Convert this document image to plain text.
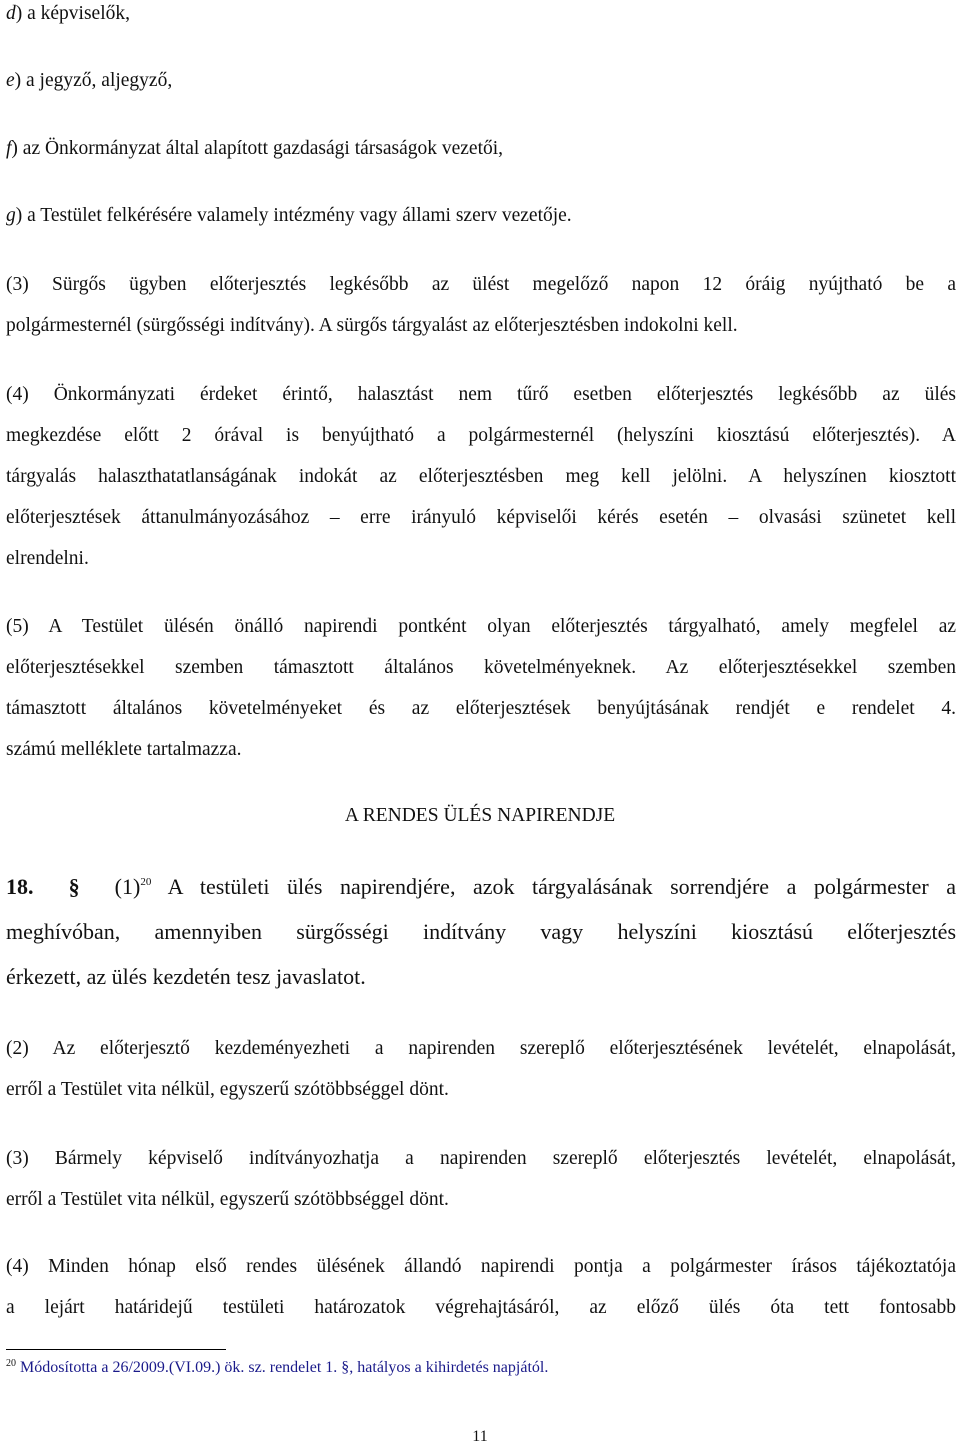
d) a képviselők,
e) a jegyző, aljegyző,
f) az Önkormányzat által alapított gazdasági társaságok vezetői,
g) a Testület felkérésére valamely intézmény vagy állami szerv vezetője.
(3) Sürgős ügyben előterjesztés legkésőbb az ülést megelőző napon 12 óráig nyújtható be a
polgármesternél (sürgősségi indítvány). A sürgős tárgyalást az előterjesztésben indokolni kell.
(4) Önkormányzati érdeket érintő, halasztást nem tűrő esetben előterjesztés legkésőbb az ülés
megkezdése előtt 2 órával is benyújtható a polgármesternél (helyszíni kiosztású előterjesztés). A
tárgyalás halaszthatatlanságának indokát az előterjesztésben meg kell jelölni. A helyszínen kiosztott
előterjesztések áttanulmányozásához – erre irányuló képviselői kérés esetén – olvasási szünetet kell
elrendelni.
(5) A Testület ülésén önálló napirendi pontként olyan előterjesztés tárgyalható, amely megfelel az
előterjesztésekkel szemben támasztott általános követelményeknek. Az előterjesztésekkel szemben
támasztott általános követelményeket és az előterjesztések benyújtásának rendjét e rendelet 4.
számú melléklete tartalmazza.
A RENDES ÜLÉS NAPIRENDJE
18. § $(1)^{20}$ A testületi ülés napirendjére, azok tárgyalásának sorrendjére a polgármester a
meghívóban, amennyiben sürgősségi indítvány vagy helyszíni kiosztású előterjesztés
érkezett, az ülés kezdetén tesz javaslatot.
(2) Az előterjesztő kezdeményezheti a napirenden szereplő előterjesztésének levételét, elnapolását,
erről a Testület vita nélkül, egyszerű szótöbbséggel dönt.
(3) Bármely képviselő indítványozhatja a napirenden szereplő előterjesztés levételét, elnapolását,
erről a Testület vita nélkül, egyszerű szótöbbséggel dönt.
(4) Minden hónap első rendes ülésének állandó napirendi pontja a polgármester írásos tájékoztatója
a lejárt határidejű testületi határozatok végrehajtásáról, az előző ülés óta tett fontosabb
$^{20}$ Módosította a 26/2009.(VI.09.) ök. sz. rendelet 1. §, hatályos a kihirdetés napjától.
11
